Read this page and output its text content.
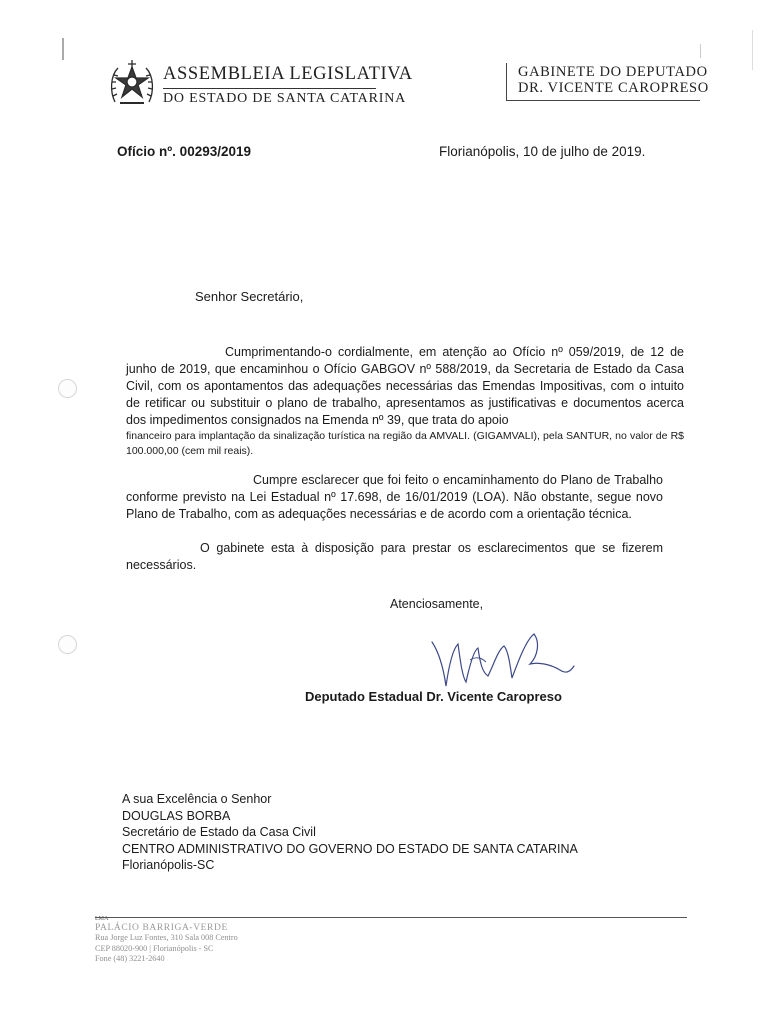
ASSEMBLEIA LEGISLATIVA
DO ESTADO DE SANTA CATARINA
GABINETE DO DEPUTADO
DR. VICENTE CAROPRESO
Ofício nº. 00293/2019	Florianópolis, 10 de julho de 2019.
Senhor Secretário,
Cumprimentando-o cordialmente, em atenção ao Ofício nº 059/2019, de 12 de junho de 2019, que encaminhou o Ofício GABGOV nº 588/2019, da Secretaria de Estado da Casa Civil, com os apontamentos das adequações necessárias das Emendas Impositivas, com o intuito de retificar ou substituir o plano de trabalho, apresentamos as justificativas e documentos acerca dos impedimentos consignados na Emenda nº 39, que trata do apoio
financeiro para implantação da sinalização turística na região da AMVALI. (GIGAMVALI), pela SANTUR, no valor de R$ 100.000,00 (cem mil reais).
Cumpre esclarecer que foi feito o encaminhamento do Plano de Trabalho conforme previsto na Lei Estadual nº 17.698, de 16/01/2019 (LOA). Não obstante, segue novo Plano de Trabalho, com as adequações necessárias e de acordo com a orientação técnica.
O gabinete esta à disposição para prestar os esclarecimentos que se fizerem necessários.
Atenciosamente,
Deputado Estadual Dr. Vicente Caropreso
A sua Excelência o Senhor
DOUGLAS BORBA
Secretário de Estado da Casa Civil
CENTRO ADMINISTRATIVO DO GOVERNO DO ESTADO DE SANTA CATARINA
Florianópolis-SC
LMA
PALÁCIO BARRIGA-VERDE
Rua Jorge Luz Fontes, 310 Sala 008 Centro
CEP 88020-900 | Florianópolis - SC
Fone (48) 3221-2640
